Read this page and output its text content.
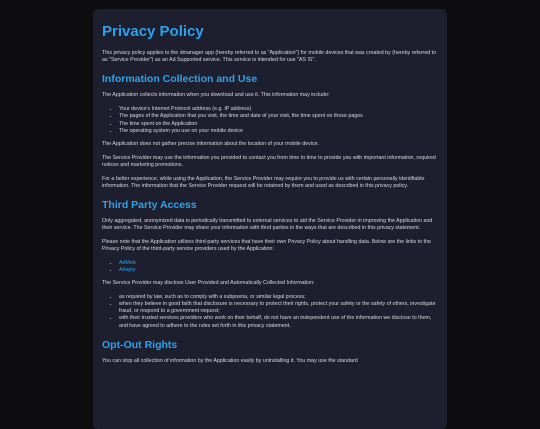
Privacy Policy

This privacy policy applies to the dmanager app (hereby referred to as "Application") for mobile devices that was created by (hereby referred to as "Service Provider") as an Ad Supported service. This service is intended for use "AS IS".

Information Collection and Use

The Application collects information when you download and use it. This information may include:

• Your device's Internet Protocol address (e.g. IP address)
• The pages of the Application that you visit, the time and date of your visit, the time spent on those pages
• The time spent on the Application
• The operating system you use on your mobile device

The Application does not gather precise information about the location of your mobile device.

The Service Provider may use the information you provided to contact you from time to time to provide you with important information, required notices and marketing promotions.

For a better experience, while using the Application, the Service Provider may require you to provide us with certain personally identifiable information. The information that the Service Provider request will be retained by them and used as described in this privacy policy.

Third Party Access

Only aggregated, anonymized data is periodically transmitted to external services to aid the Service Provider in improving the Application and their service. The Service Provider may share your information with third parties in the ways that are described in this privacy statement.

Please note that the Application utilizes third-party services that have their own Privacy Policy about handling data. Below are the links to the Privacy Policy of the third-party service providers used by the Application:

• AdMob
• Adapty

The Service Provider may disclose User Provided and Automatically Collected Information:

• as required by law, such as to comply with a subpoena, or similar legal process;
• when they believe in good faith that disclosure is necessary to protect their rights, protect your safety or the safety of others, investigate fraud, or respond to a government request;
• with their trusted services providers who work on their behalf, do not have an independent use of the information we disclose to them, and have agreed to adhere to the rules set forth in this privacy statement.
Opt-Out Rights

You can stop all collection of information by the Application easily by uninstalling it. You may use the standard
